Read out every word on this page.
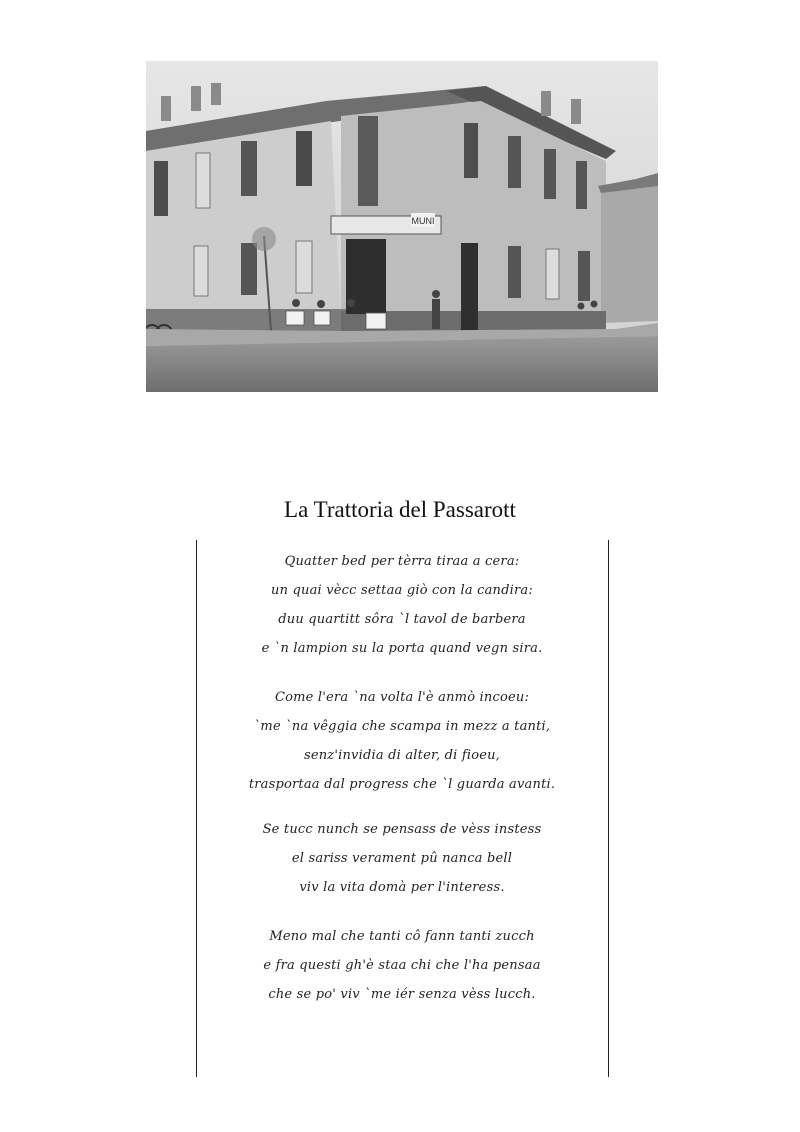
MUNI
La Trattoria del Passarott
Quatter bed per tèrra tiraa a cera:
un quai vècc settaa giò con la candira:
duu quartitt sôra `l tavol de barbera
e `n lampion su la porta quand vegn sira.
Come l'era `na volta l'è anmò incoeu:
`me `na vêggia che scampa in mezz a tanti,
senz'invidia di alter, di fioeu,
trasportaa dal progress che `l guarda avanti.
Se tucc nunch se pensass de vèss instess
el sariss verament pû nanca bell
viv la vita domà per l'interess.
Meno mal che tanti cô fann tanti zucch
e fra questi gh'è staa chi che l'ha pensaa
che se po' viv `me iér senza vèss lucch.
